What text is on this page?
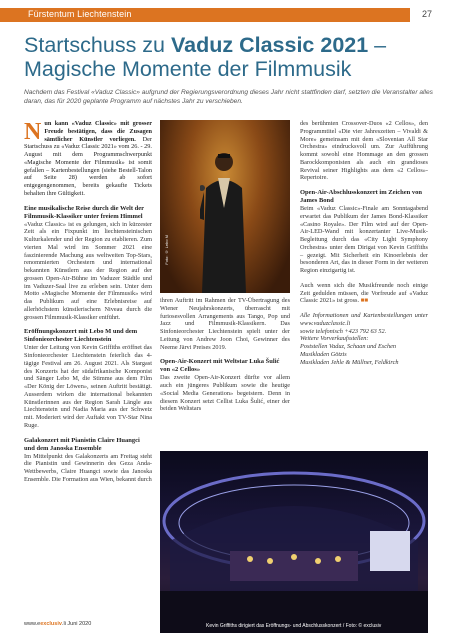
Fürstentum Liechtenstein	27
Startschuss zu Vaduz Classic 2021 –
Magische Momente der Filmmusik

Nachdem das Festival «Vaduz Classic» aufgrund der Regierungsverordnung dieses Jahr nicht stattfinden darf, setzten die Veranstalter alles daran, das für 2020 geplante Programm auf nächstes Jahr zu verschieben.

Nun kann «Vaduz Classic» mit grosser Freude bestätigen, dass die Zusagen sämtlicher Künstler vorliegen. Der Startschuss zu «Vaduz Classic 2021» vom 26. - 29. August mit dem Programmschwerpunkt «Magische Momente der Filmmusik» ist somit gefallen – Kartenbestellungen (siehe Bestell-Talon auf Seite 28) werden ab sofort entgegengenommen, bereits gekaufte Tickets behalten ihre Gültigkeit.

Eine musikalische Reise durch die Welt der Filmmusik-Klassiker unter freiem Himmel

«Vaduz Classic» ist es gelungen, sich in kürzester Zeit als ein Fixpunkt im liechtensteinischen Kulturkalender und der Region zu etablieren. Zum vierten Mal wird im Sommer 2021 eine faszinierende Machung aus weltweiten Top-Stars, renommierten Orchestern und international bekannten Künstlern aus der Region auf der grossen Open-Air-Bühne im Vaduzer Städtle und im Vaduzer-Saal live zu erleben sein. Unter dem Motto «Magische Momente der Filmmusik» wird das Publikum auf eine Erlebnisreise auf allerhöchstem künstlerischem Niveau durch die grossen Filmmusik-Klassiker entführt.

Eröffnungskonzert mit Lebo M und dem Sinfonieorchester Liechtenstein

Unter der Leitung von Kevin Griffiths eröffnet das Sinfonieorchester Liechtenstein feierlich das 4-tägige Festival am 26. August 2021. Als Stargast des Konzerts hat der südafrikanische Komponist und Sänger Lebo M, die Stimme aus dem Film «Der König der Löwen», seinen Auftritt bestätigt. Ausserdem wirken die international bekannten Künstlerinnen aus der Region Sarah Längle aus Liechtenstein und Nadia Maria aus der Schweiz mit. Moderiert wird der Auftakt von TV-Star Nina Ruge.

Galakonzert mit Pianistin Claire Huangci und dem Janoska Ensemble

Im Mittelpunkt des Galakonzerts am Freitag steht die Pianistin und Gewinnerin des Geza Anda-Wettbewerbs, Claire Huangci sowie das Janoska Ensemble. Die Formation aus Wien, bekannt durch

Foto: © Lebo M

ihren Auftritt im Rahmen der TV-Übertragung des Wiener Neujahrskonzerts, überrascht mit furiosesvollen Arrangements aus Tango, Pop und Jazz und Filmmusik-Klassikern. Das Sinfonieorchester Liechtenstein spielt unter der Leitung von Andrew Joon Choi, Gewinner des Neeme Järvi Preises 2019.

Open-Air-Konzert mit Weltstar Luka Šulić von «2 Cellos»

Das zweite Open-Air-Konzert dürfte vor allem auch ein jüngeres Publikum sowie die heutige «Social Media Generation» begeistern. Denn in diesem Konzert setzt Cellist Luka Šulić, einer der beiden Weltstars

des berühmten Crossover-Duos «2 Cellos», den Programmtitel «Die vier Jahreszeiten – Vivaldi & More» gemeinsam mit dem «Slovenian All Star Orchestra» eindrucksvoll um. Zur Aufführung kommt sowohl eine Hommage an den grossen Barockkomponisten als auch ein grandioses Revival seiner Highlights aus dem «2 Cellos»-Repertoire.

Open-Air-Abschlusskonzert im Zeichen von James Bond

Beim «Vaduz Classic»-Finale am Sonntagabend erwartet das Publikum der James Bond-Klassiker «Casino Royale». Der Film wird auf der Open-Air-LED-Wand mit konzertanter Live-Musik-Begleitung durch das «City Light Symphony Orchestra» unter dem Dirigat von Kevin Griffiths – gezeigt. Mit Sicherheit ein Kinoerlebnis der besonderen Art, das in dieser Form in der weiteren Region einzigartig ist.

Auch wenn sich die Musikfreunde noch einige Zeit gedulden müssen, die Vorfreude auf «Vaduz Classic 2021» ist gross. ■■

Alle Informationen und Kartenbestellungen unter www.vaduzclassic.li
sowie telefonisch +423 792 63 52.
Weitere Vorverkaufsstellen:
Poststellen Vaduz, Schaan und Eschen
Musikladen Götzis
Musikladen Jehle & Müllner, Feldkirch

Kevin Griffiths dirigiert das Eröffnungs- und Abschlusskonzert / Foto: © exclusiv
www.eexclusiv.li Juni 2020
